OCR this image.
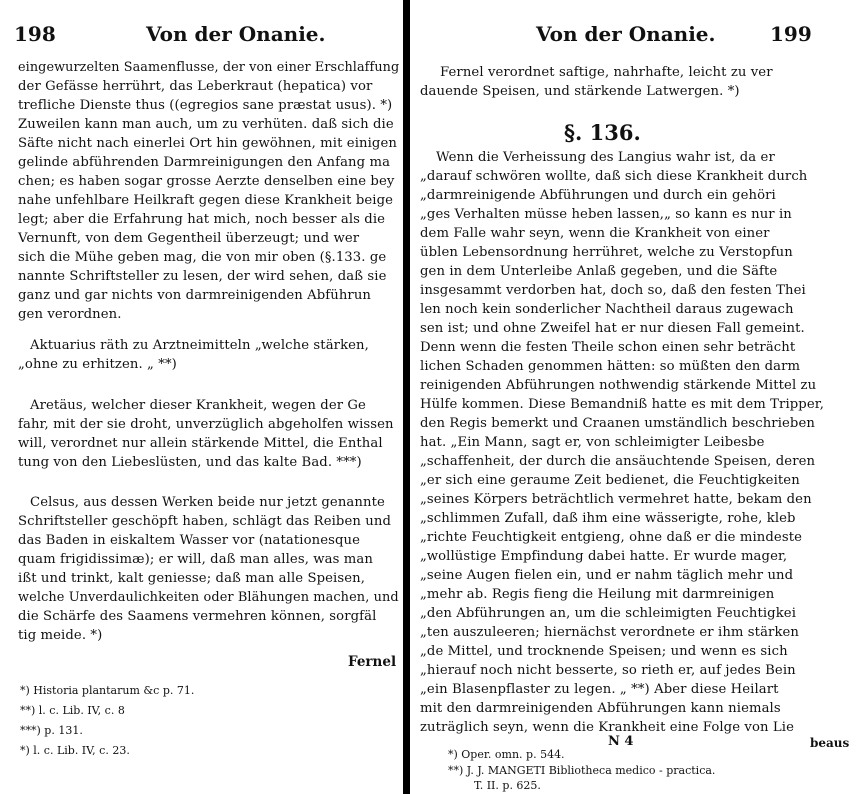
198	Von der Onanie.
eingewurzelten Saamenflusse, der von einer Erschlaffung
der Gefässe herrührt, das Leberkraut (hepatica) vor
trefliche Dienste thus ((egregios sane præstat usus). *)
Zuweilen kann man auch, um zu verhüten. daß sich die
Säfte nicht nach einerlei Ort hin gewöhnen, mit einigen
gelinde abführenden Darmreinigungen den Anfang ma
chen; es haben sogar grosse Aerzte denselben eine bey
nahe unfehlbare Heilkraft gegen diese Krankheit beige
legt; aber die Erfahrung hat mich, noch besser als die
Vernunft, von dem Gegentheil überzeugt; und wer
sich die Mühe geben mag, die von mir oben (§.133. ge
nannte Schriftsteller zu lesen, der wird sehen, daß sie
ganz und gar nichts von darmreinigenden Abführun
gen verordnen.
Aktuarius räth zu Arztneimitteln „welche stärken,
„ohne zu erhitzen. „ **)
Aretäus, welcher dieser Krankheit, wegen der Ge
fahr, mit der sie droht, unverzüglich abgeholfen wissen
will, verordnet nur allein stärkende Mittel, die Enthal
tung von den Liebeslüsten, und das kalte Bad. ***)
Celsus, aus dessen Werken beide nur jetzt genannte
Schriftsteller geschöpft haben, schlägt das Reiben und
das Baden in eiskaltem Wasser vor (natationesque
quam frigidissimæ); er will, daß man alles, was man
ißt und trinkt, kalt geniesse; daß man alle Speisen,
welche Unverdaulichkeiten oder Blähungen machen, und
die Schärfe des Saamens vermehren können, sorgfäl
tig meide. *)
Fernel
*) Historia plantarum &c p. 71.
**) l. c. Lib. IV, c. 8
***) p. 131.
*) l. c. Lib. IV, c. 23.
Von der Onanie.	199
Fernel verordnet saftige, nahrhafte, leicht zu ver
dauende Speisen, und stärkende Latwergen. *)
§. 136.
Wenn die Verheissung des Langius wahr ist, da er
„darauf schwören wollte, daß sich diese Krankheit durch
„darmreinigende Abführungen und durch ein gehöri
„ges Verhalten müsse heben lassen,„ so kann es nur in
dem Falle wahr seyn, wenn die Krankheit von einer
üblen Lebensordnung herrühret, welche zu Verstopfun
gen in dem Unterleibe Anlaß gegeben, und die Säfte
insgesammt verdorben hat, doch so, daß den festen Thei
len noch kein sonderlicher Nachtheil daraus zugewach
sen ist; und ohne Zweifel hat er nur diesen Fall gemeint.
Denn wenn die festen Theile schon einen sehr beträcht
lichen Schaden genommen hätten: so müßten den darm
reinigenden Abführungen nothwendig stärkende Mittel zu
Hülfe kommen. Diese Bemandniß hatte es mit dem Tripper,
den Regis bemerkt und Craanen umständlich beschrieben
hat. „Ein Mann, sagt er, von schleimigter Leibesbe
„schaffenheit, der durch die ansäuchtende Speisen, deren
„er sich eine geraume Zeit bedienet, die Feuchtigkeiten
„seines Körpers beträchtlich vermehret hatte, bekam den
„schlimmen Zufall, daß ihm eine wässerigte, rohe, kleb
„richte Feuchtigkeit entgieng, ohne daß er die mindeste
„wollüstige Empfindung dabei hatte. Er wurde mager,
„seine Augen fielen ein, und er nahm täglich mehr und
„mehr ab. Regis fieng die Heilung mit darmreinigen
„den Abführungen an, um die schleimigten Feuchtigkei
„ten auszuleeren; hiernächst verordnete er ihm stärken
„de Mittel, und trocknende Speisen; und wenn es sich
„hierauf noch nicht besserte, so rieth er, auf jedes Bein
„ein Blasenpflaster zu legen. „ **) Aber diese Heilart
mit den darmreinigenden Abführungen kann niemals
zuträglich seyn, wenn die Krankheit eine Folge von Lie
N 4	beaus
*) Oper. omn. p. 544.
**) J. J. MANGETI Bibliotheca medico - practica.
T. II. p. 625.
